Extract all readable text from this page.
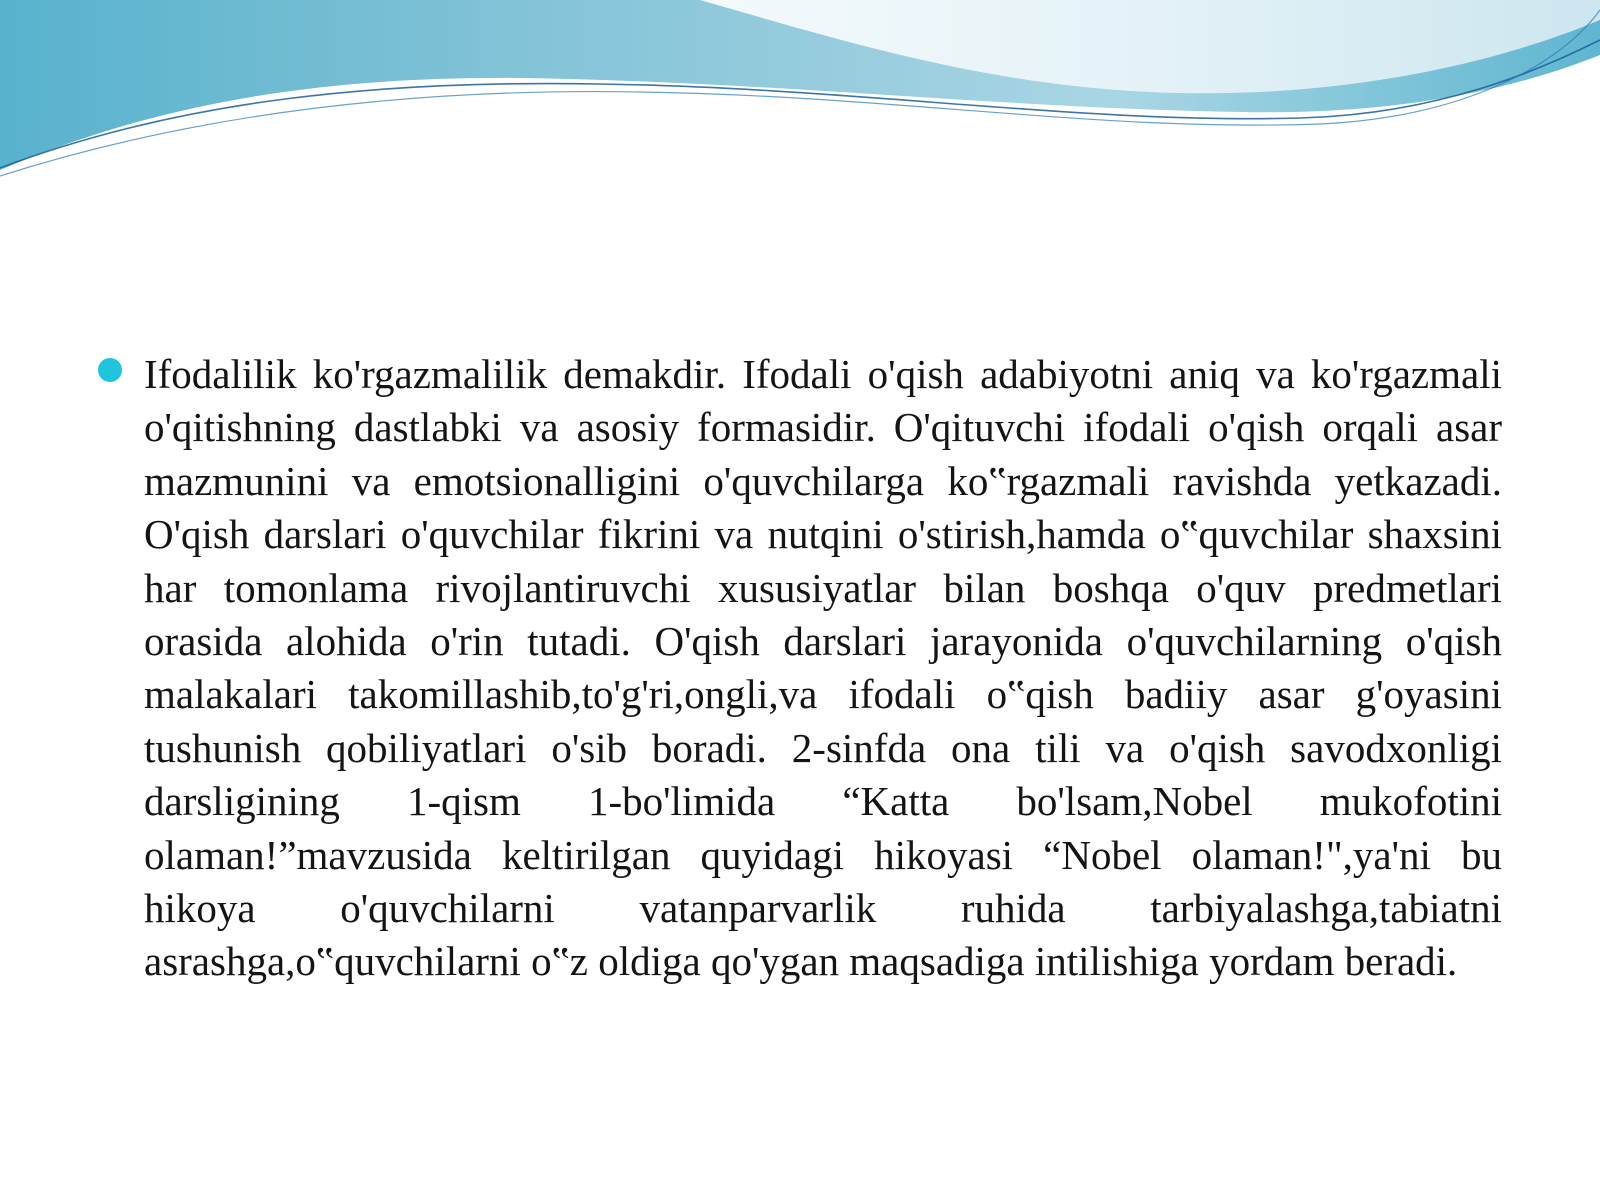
Ifodalilik ko'rgazmalilik demakdir. Ifodali o'qish adabiyotni aniq va ko'rgazmali o'qitishning dastlabki va asosiy formasidir. O'qituvchi ifodali o'qish orqali asar mazmunini va emotsionalligini o'quvchilarga ko‟rgazmali ravishda yetkazadi. O'qish darslari o'quvchilar fikrini va nutqini o'stirish,hamda o‟quvchilar shaxsini har tomonlama rivojlantiruvchi xususiyatlar bilan boshqa o'quv predmetlari orasida alohida o'rin tutadi. O'qish darslari jarayonida o'quvchilarning o'qish malakalari takomillashib,to'g'ri,ongli,va ifodali o‟qish badiiy asar g'oyasini tushunish qobiliyatlari o'sib boradi. 2-sinfda ona tili va o'qish savodxonligi darsligining 1-qism 1-bo'limida “Katta bo'lsam,Nobel mukofotini olaman!”mavzusida keltirilgan quyidagi hikoyasi “Nobel olaman!",ya'ni bu hikoya o'quvchilarni vatanparvarlik ruhida tarbiyalashga,tabiatni asrashga,o‟quvchilarni o‟z oldiga qo'ygan maqsadiga intilishiga yordam beradi.
